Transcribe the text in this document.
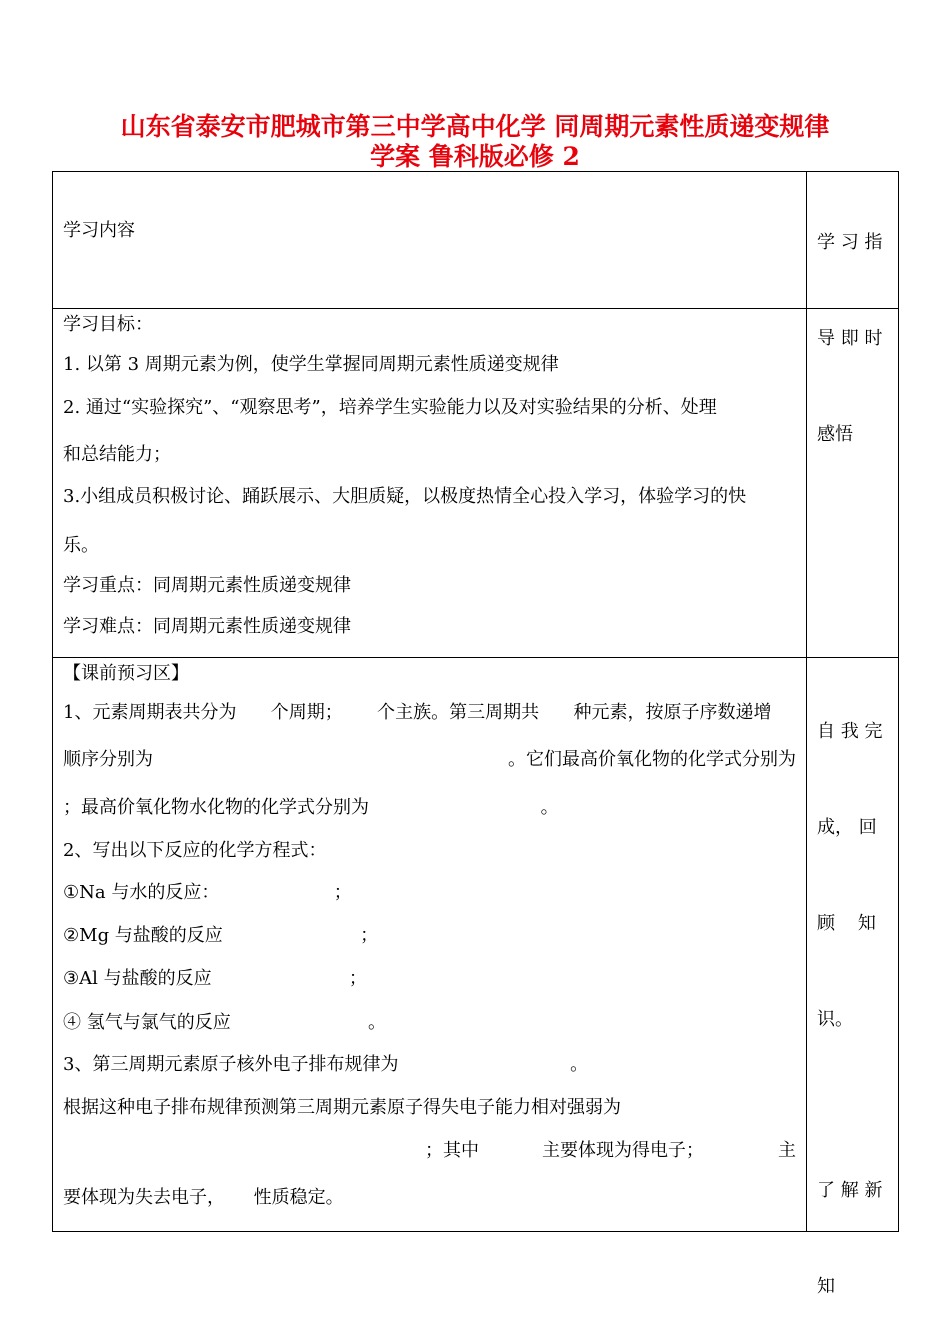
山东省泰安市肥城市第三中学高中化学 同周期元素性质递变规律
学案 鲁科版必修 2
学习内容

学 习 指

导 即 时

感悟

学习目标：
1. 以第 3 周期元素为例，使学生掌握同周期元素性质递变规律
2. 通过“实验探究”、“观察思考”，培养学生实验能力以及对实验结果的分析、处理
和总结能力；
3.小组成员积极讨论、踊跃展示、大胆质疑，以极度热情全心投入学习，体验学习的快
乐。
学习重点：同周期元素性质递变规律
学习难点：同周期元素性质递变规律
【课前预习区】
1、元素周期表共分为      个周期；      个主族。第三周期共      种元素，按原子序数递增
顺序分别为	。它们最高价氧化物的化学式分别为
；最高价氧化物水化物的化学式分别为                              。
2、写出以下反应的化学方程式：
①Na 与水的反应：                    ；
②Mg 与盐酸的反应                        ；
③Al 与盐酸的反应                        ；
④ 氢气与氯气的反应                        。
3、第三周期元素原子核外电子排布规律为                              。
根据这种电子排布规律预测第三周期元素原子得失电子能力相对强弱为
；其中           主要体现为得电子；	主
要体现为失去电子，     性质稳定。

自 我 完

成， 回

顾    知

识。

了 解 新

知
